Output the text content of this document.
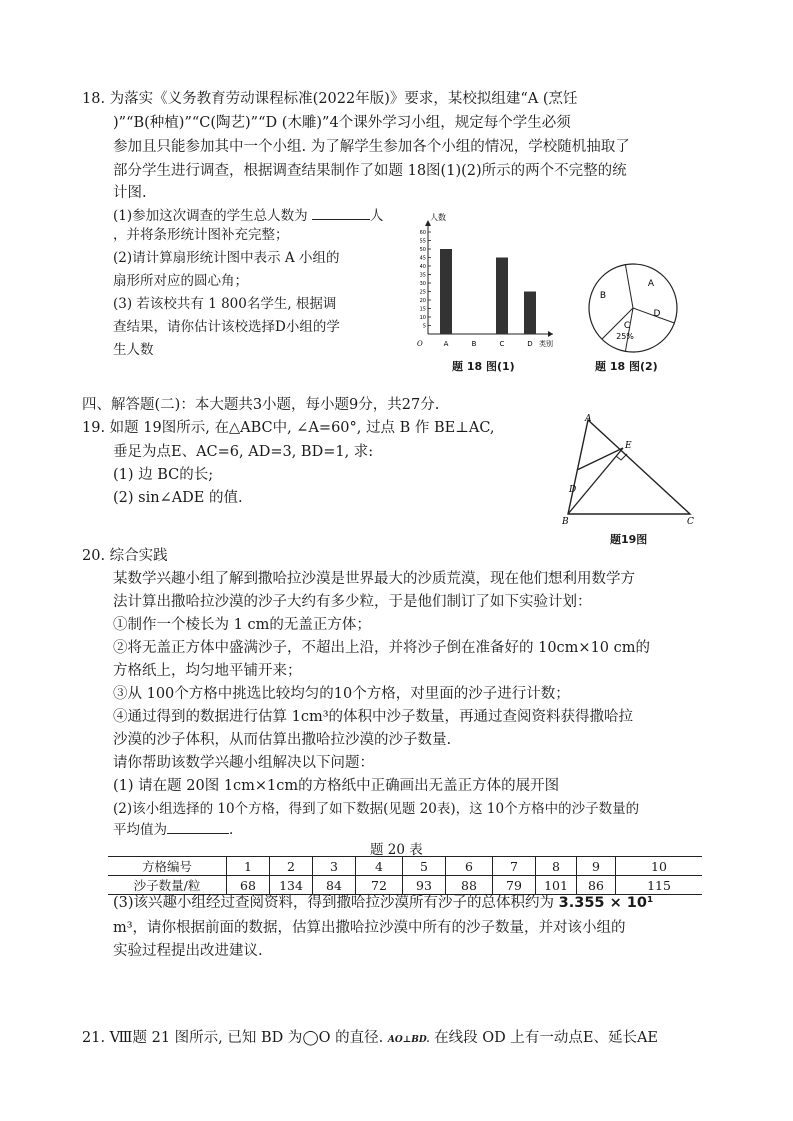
18. 为落实《义务教育劳动课程标准(2022年版)》要求，某校拟组建“A (烹饪
)”“B(种植)”“C(陶艺)”“D (木雕)”4个课外学习小组，规定每个学生必须
参加且只能参加其中一个小组. 为了解学生参加各个小组的情况，学校随机抽取了
部分学生进行调查，根据调查结果制作了如题 18图(1)(2)所示的两个不完整的统
计图.
(1)参加这次调查的学生总人数为	人
，并将条形统计图补充完整；
(2)请计算扇形统计图中表示 A 小组的
扇形所对应的圆心角；
(3) 若该校共有 1 800名学生, 根据调
查结果，请你估计该校选择D小组的学
生人数
5
10
15
20
25
30
35
40
45
50
55
60
O
人数
类别
A	B	C	D
题 18 图(1)
A
B
C
D
25%
题 18 图(2)
四、解答题(二)：本大题共3小题，每小题9分，共27分.
19. 如题 19图所示, 在△ABC中, ∠A=60°, 过点 B 作 BE⊥AC,
垂足为点E、AC=6, AD=3, BD=1, 求:
(1) 边 BC的长;
(2) sin∠ADE 的值.
A
E
D
B	C
题19图
20. 综合实践
某数学兴趣小组了解到撒哈拉沙漠是世界最大的沙质荒漠，现在他们想利用数学方
法计算出撒哈拉沙漠的沙子大约有多少粒，于是他们制订了如下实验计划：
①制作一个棱长为 1 cm的无盖正方体；
②将无盖正方体中盛满沙子，不超出上沿，并将沙子倒在准备好的 10cm×10 cm的
方格纸上，均匀地平铺开来；
③从 100个方格中挑选比较均匀的10个方格，对里面的沙子进行计数；
④通过得到的数据进行估算 1cm³的体积中沙子数量，再通过查阅资料获得撒哈拉
沙漠的沙子体积，从而估算出撒哈拉沙漠的沙子数量.
请你帮助该数学兴趣小组解决以下问题：
(1) 请在题 20图 1cm×1cm的方格纸中正确画出无盖正方体的展开图
(2)该小组选择的 10个方格，得到了如下数据(见题 20表)，这 10个方格中的沙子数量的
平均值为	.
题 20 表
方格编号	1	2	3	4	5	6	7	8	9	10
沙子数量/粒	68	134	84	72	93	88	79	101	86	115
(3)该兴趣小组经过查阅资料，得到撒哈拉沙漠所有沙子的总体积约为 3.355 × 10¹
m³，请你根据前面的数据，估算出撒哈拉沙漠中所有的沙子数量，并对该小组的
实验过程提出改进建议.
21. Ⅷ题 21 图所示, 已知 BD 为◯O 的直径. AO⊥BD. 在线段 OD 上有一动点E、延长AE
